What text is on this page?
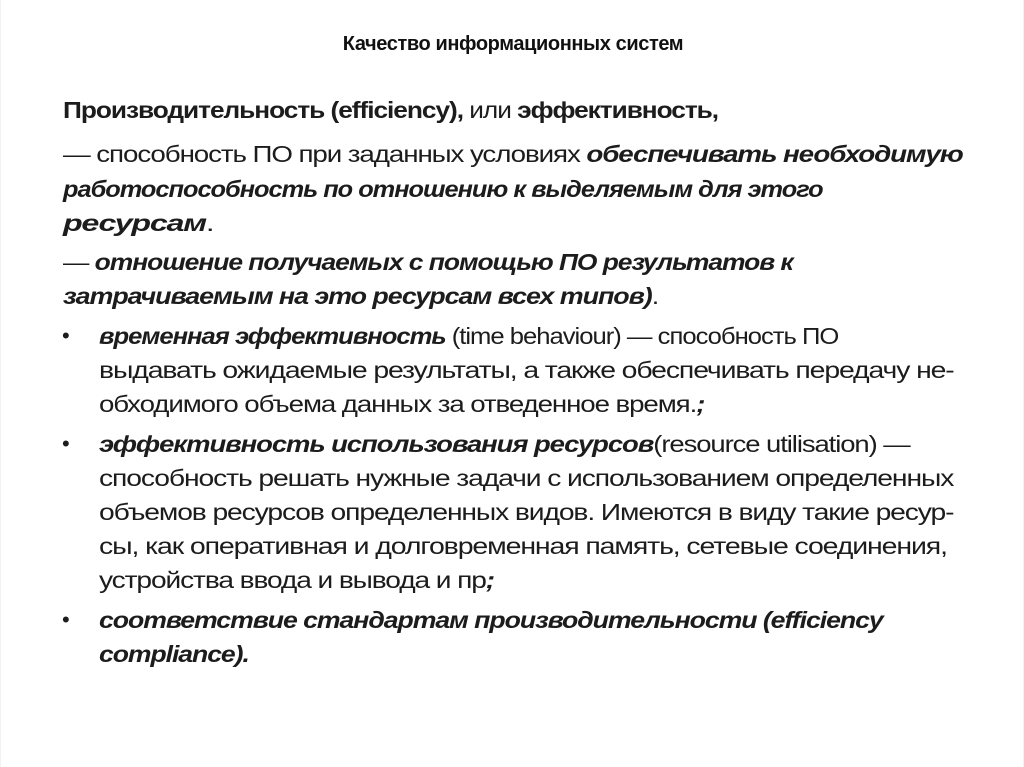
Качество информационных систем
Производительность (efficiency), или эффективность,
— способность ПО при заданных условиях обеспечивать необходимую
работоспособность по отношению к выделяемым для этого
ресурсам.
— отношение получаемых с помощью ПО результатов к
затрачиваемым на это ресурсам всех типов).
• временная эффективность (time behaviour) — способность ПО
выдавать ожидаемые результаты, а также обеспечивать передачу не-
обходимого объема данных за отведенное время.;
• эффективность использования ресурсов(resource utilisation) —
способность решать нужные задачи с использованием определенных
объемов ресурсов определенных видов. Имеются в виду такие ресур-
сы, как оперативная и долговременная память, сетевые соединения,
устройства ввода и вывода и пр;
• соответствие стандартам производительности (efficiency
compliance).
